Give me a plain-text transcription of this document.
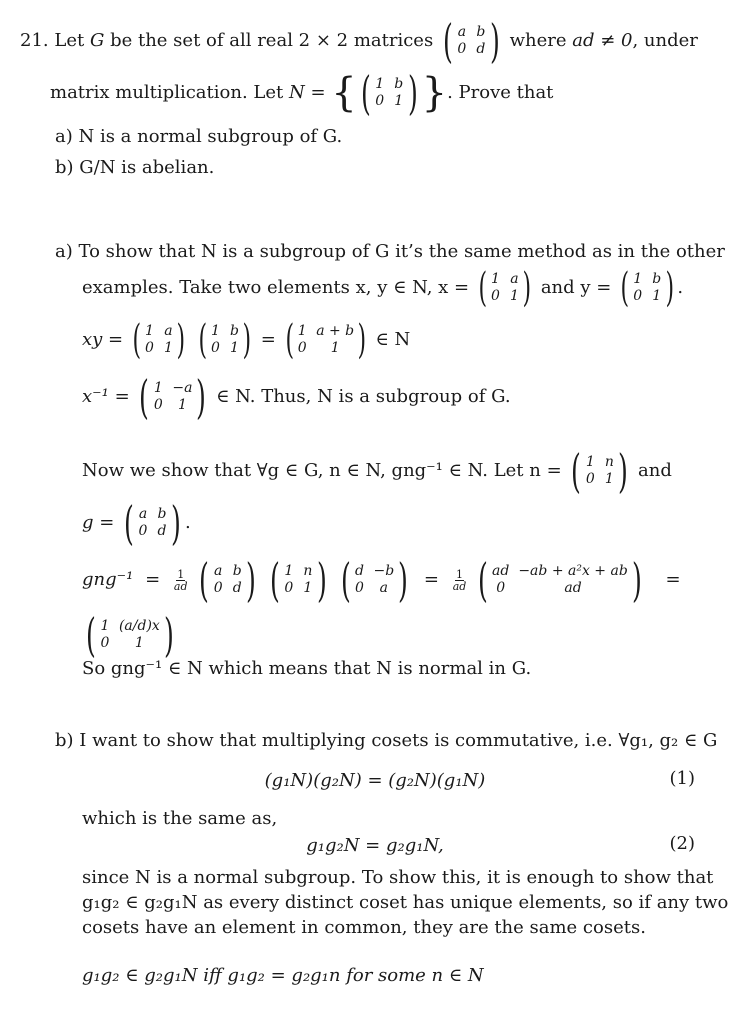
21. Let G be the set of all real 2 × 2 matrices ( a b
0 d ) where ad ≠ 0, under
matrix multiplication. Let N = { ( 1 b
0 1 ) } . Prove that
a) N is a normal subgroup of G.
b) G/N is abelian.
a) To show that N is a subgroup of G it’s the same method as in the other
examples. Take two elements x, y ∈ N, x = ( 1 a
0 1 ) and y = ( 1 b
0 1 ) .
xy = ( 1 a
0 1 )
( 1 b
0 1 ) = ( 1 a + b
0	1 ) ∈ N
x⁻¹ = ( 1 −a
0	1 ) ∈ N. Thus, N is a subgroup of G.
Now we show that ∀g ∈ G, n ∈ N, gng⁻¹ ∈ N. Let n = ( 1 n
0 1 ) and
g = ( a b
0 d ) .
$gng^{-1} = \frac{1}{ad}$
( a b
0 d )
( 1 n
0 1 )
( d −b
0	a ) = $\frac{1}{ad}$
( ad −ab + a²x + ab
0	ad	) =
( 1 (a/d)x
0	1 )
So gng⁻¹ ∈ N which means that N is normal in G.
b) I want to show that multiplying cosets is commutative, i.e. ∀g₁, g₂ ∈ G
(g₁N)(g₂N) = (g₂N)(g₁N)	(1)
which is the same as,
g₁g₂N = g₂g₁N,	(2)
since N is a normal subgroup. To show this, it is enough to show that
g₁g₂ ∈ g₂g₁N as every distinct coset has unique elements, so if any two
cosets have an element in common, they are the same cosets.
g₁g₂ ∈ g₂g₁N iff g₁g₂ = g₂g₁n for some n ∈ N
